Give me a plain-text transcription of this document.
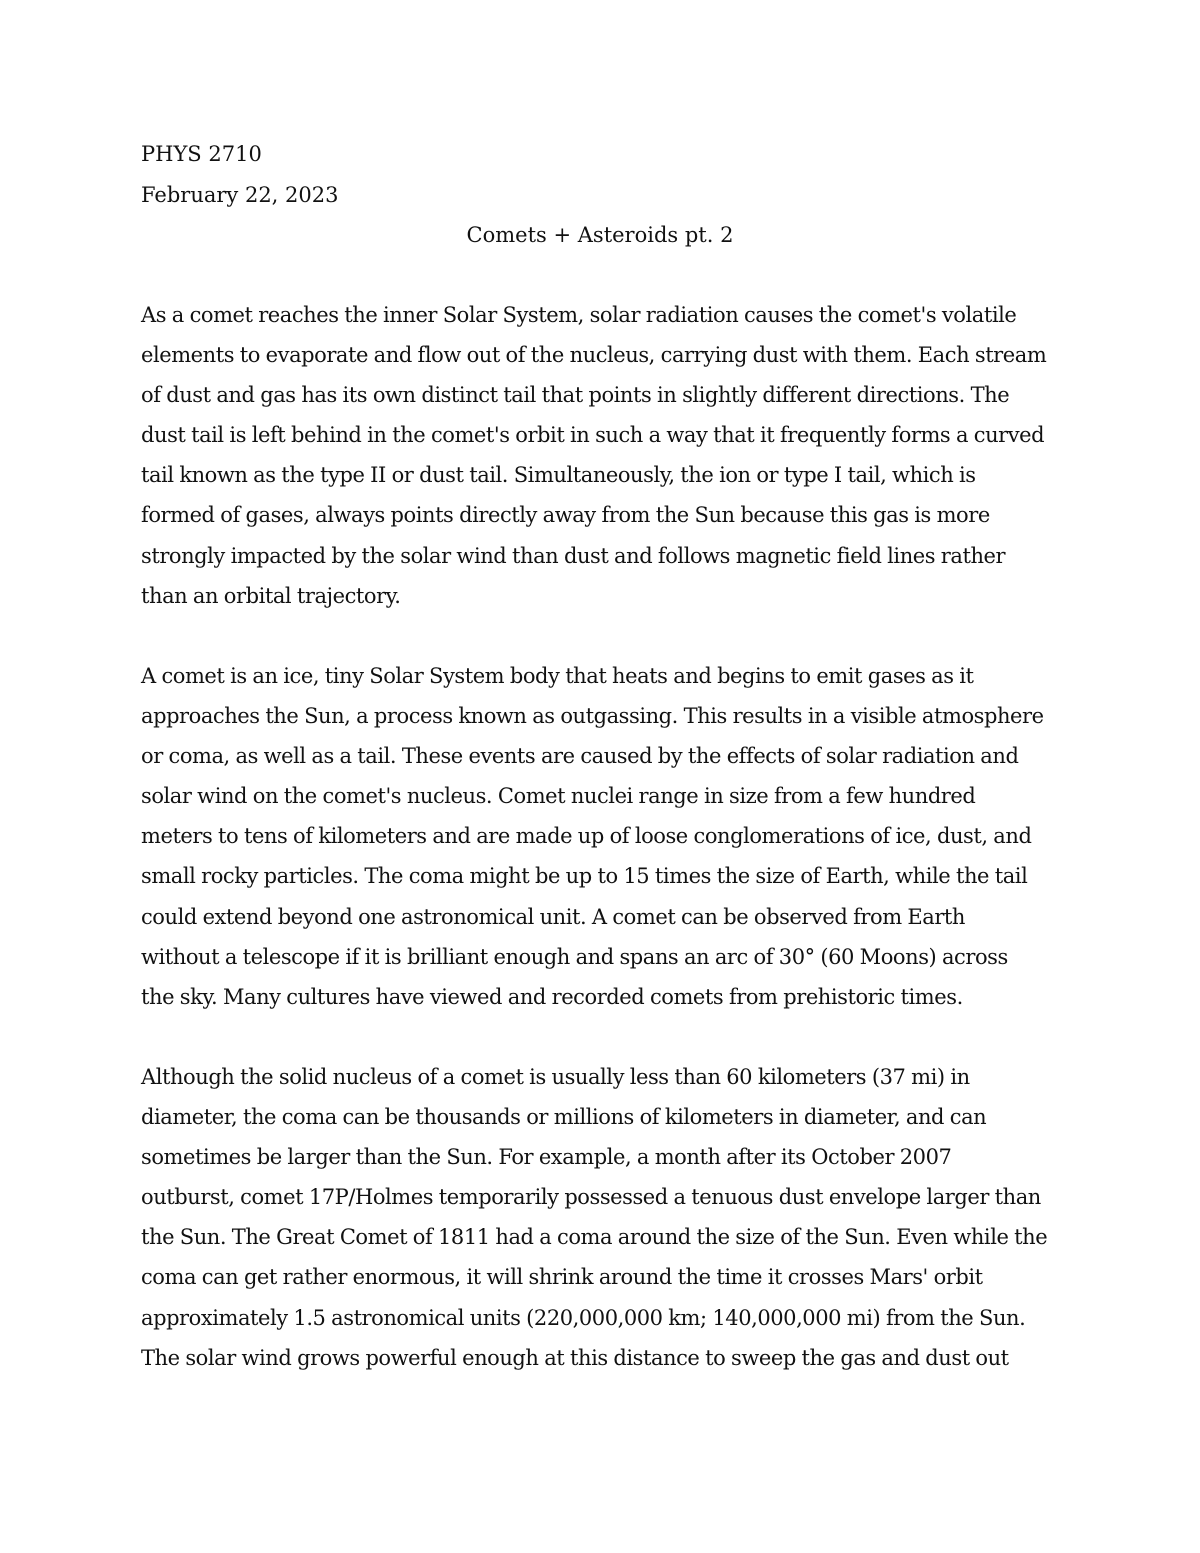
PHYS 2710
February 22, 2023
Comets + Asteroids pt. 2
As a comet reaches the inner Solar System, solar radiation causes the comet's volatile
elements to evaporate and flow out of the nucleus, carrying dust with them. Each stream
of dust and gas has its own distinct tail that points in slightly different directions. The
dust tail is left behind in the comet's orbit in such a way that it frequently forms a curved
tail known as the type II or dust tail. Simultaneously, the ion or type I tail, which is
formed of gases, always points directly away from the Sun because this gas is more
strongly impacted by the solar wind than dust and follows magnetic field lines rather
than an orbital trajectory.
A comet is an ice, tiny Solar System body that heats and begins to emit gases as it
approaches the Sun, a process known as outgassing. This results in a visible atmosphere
or coma, as well as a tail. These events are caused by the effects of solar radiation and
solar wind on the comet's nucleus. Comet nuclei range in size from a few hundred
meters to tens of kilometers and are made up of loose conglomerations of ice, dust, and
small rocky particles. The coma might be up to 15 times the size of Earth, while the tail
could extend beyond one astronomical unit. A comet can be observed from Earth
without a telescope if it is brilliant enough and spans an arc of 30° (60 Moons) across
the sky. Many cultures have viewed and recorded comets from prehistoric times.
Although the solid nucleus of a comet is usually less than 60 kilometers (37 mi) in
diameter, the coma can be thousands or millions of kilometers in diameter, and can
sometimes be larger than the Sun. For example, a month after its October 2007
outburst, comet 17P/Holmes temporarily possessed a tenuous dust envelope larger than
the Sun. The Great Comet of 1811 had a coma around the size of the Sun. Even while the
coma can get rather enormous, it will shrink around the time it crosses Mars' orbit
approximately 1.5 astronomical units (220,000,000 km; 140,000,000 mi) from the Sun.
The solar wind grows powerful enough at this distance to sweep the gas and dust out
